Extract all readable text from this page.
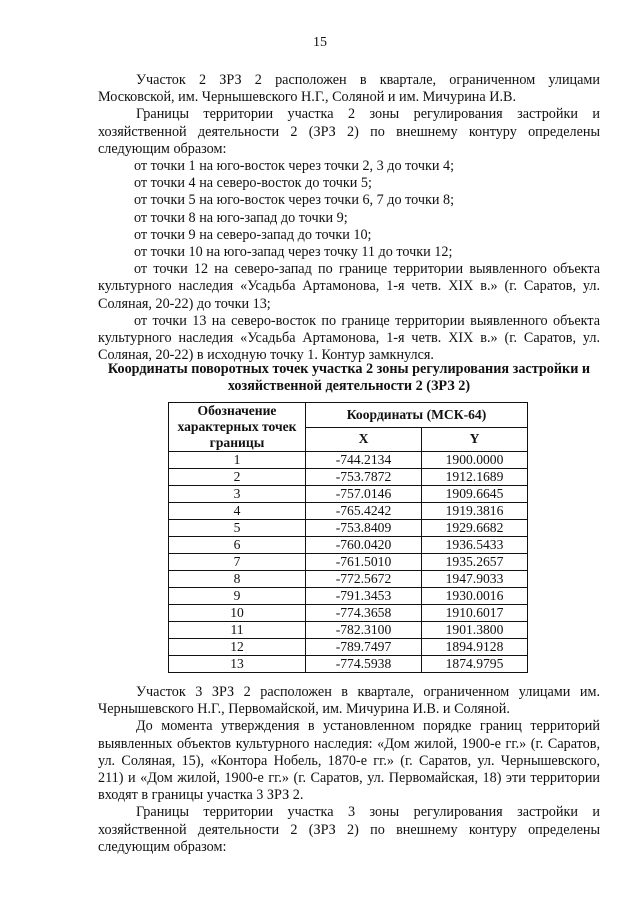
15
Участок 2 ЗРЗ 2 расположен в квартале, ограниченном улицами Московской, им. Чернышевского Н.Г., Соляной и им. Мичурина И.В.
Границы территории участка 2 зоны регулирования застройки и хозяйственной деятельности 2 (ЗРЗ 2) по внешнему контуру определены следующим образом:
от точки 1 на юго-восток через точки 2, 3 до точки 4;
от точки 4 на северо-восток до точки 5;
от точки 5 на юго-восток через точки 6, 7 до точки 8;
от точки 8 на юго-запад до точки 9;
от точки 9 на северо-запад до точки 10;
от точки 10 на юго-запад через точку 11 до точки 12;
от точки 12 на северо-запад по границе территории выявленного объекта культурного наследия «Усадьба Артамонова, 1-я четв. XIX в.» (г. Саратов, ул. Соляная, 20-22) до точки 13;
от точки 13 на северо-восток по границе территории выявленного объекта культурного наследия «Усадьба Артамонова, 1-я четв. XIX в.» (г. Саратов, ул. Соляная, 20-22) в исходную точку 1. Контур замкнулся.
Координаты поворотных точек участка 2 зоны регулирования застройки и хозяйственной деятельности 2 (ЗРЗ 2)
Обозначение характерных точек границы	Координаты (МСК-64)	
	X	Y
1	-744.2134	1900.0000
2	-753.7872	1912.1689
3	-757.0146	1909.6645
4	-765.4242	1919.3816
5	-753.8409	1929.6682
6	-760.0420	1936.5433
7	-761.5010	1935.2657
8	-772.5672	1947.9033
9	-791.3453	1930.0016
10	-774.3658	1910.6017
11	-782.3100	1901.3800
12	-789.7497	1894.9128
13	-774.5938	1874.9795
Участок 3 ЗРЗ 2 расположен в квартале, ограниченном улицами им. Чернышевского Н.Г., Первомайской, им. Мичурина И.В. и Соляной.
До момента утверждения в установленном порядке границ территорий выявленных объектов культурного наследия: «Дом жилой, 1900-е гг.» (г. Саратов, ул. Соляная, 15), «Контора Нобель, 1870-е гг.» (г. Саратов, ул. Чернышевского, 211) и «Дом жилой, 1900-е гг.» (г. Саратов, ул. Первомайская, 18) эти территории входят в границы участка 3 ЗРЗ 2.
Границы территории участка 3 зоны регулирования застройки и хозяйственной деятельности 2 (ЗРЗ 2) по внешнему контуру определены следующим образом:
